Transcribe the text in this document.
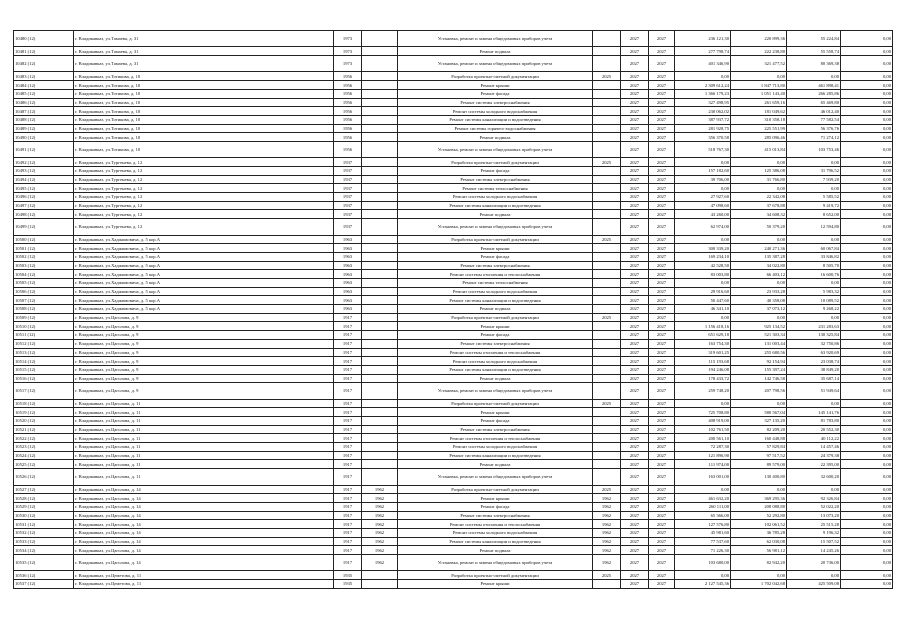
10480 (12)	г. Владикавказ, ул.Тамаева, д. 31	1973		Установка, ремонт и замена общедомовых приборов учета		2027	2027	236 121,30	220 899,36	55 224,84	0,00
10481 (12)	г. Владикавказ, ул.Тамаева, д. 31	1973		Ремонт подвала		2027	2027	277 798,74	222 238,80	55 558,74	0,00
10482 (12)	г. Владикавказ, ул.Тамаева, д. 31	1973		Установка, ремонт и замена общедомовых приборов учета		2027	2027	401 346,90	321 477,52	80 369,38	0,00
10483 (12)	г. Владикавказ, ул.Тотикова, д. 10	1956		Разработка проектно-сметной документации	2025	2027	2027	0,00	0,00	0,00	0,00
10484 (12)	г. Владикавказ, ул.Тотикова, д. 10	1956		Ремонт крыши		2027	2027	2 309 612,24	1 847 713,80	461 898,41	0,00
10485 (12)	г. Владикавказ, ул.Тотикова, д. 10	1956		Ремонт фасада		2027	2027	1 366 179,23	1 051 143,40	266 285,86	0,00
10486 (12)	г. Владикавказ, ул.Тотикова, д. 10	1956		Ремонт системы электроснабжения		2027	2027	327 498,95	261 659,16	65 469,80	0,00
10487 (12)	г. Владикавказ, ул.Тотикова, д. 10	1956		Ремонт системы холодного водоснабжения		2027	2027	230 062,02	181 049,62	46 012,40	0,00
10488 (12)	г. Владикавказ, ул.Тотикова, д. 10	1956		Ремонт системы канализации и водоотведения		2027	2027	387 937,72	310 358,18	77 582,54	0,00
10489 (12)	г. Владикавказ, ул.Тотикова, д. 10	1956		Ремонт системы горячего водоснабжения		2027	2027	281 928,75	225 551,99	56 376,76	0,00
10490 (12)	г. Владикавказ, ул.Тотикова, д. 10	1956		Ремонт подвала		2027	2027	356 370,58	285 096,46	71 274,12	0,00
10491 (12)	г. Владикавказ, ул.Тотикова, д. 10	1956		Установка, ремонт и замена общедомовых приборов учета		2027	2027	518 767,30	415 013,84	103 753,46	0,00
10492 (12)	г. Владикавказ, ул.Тургенева, д. 12	1937		Разработка проектно-сметной документации	2025	2027	2027	0,00	0,00	0,00	0,00
10493 (12)	г. Владикавказ, ул.Тургенева, д. 12	1937		Ремонт фасада		2027	2027	157 182,60	125 386,08	31 796,52	0,00
10494 (12)	г. Владикавказ, ул.Тургенева, д. 12	1937		Ремонт системы электроснабжения		2027	2027	39 706,00	31 766,80	7 939,20	0,00
10495 (12)	г. Владикавказ, ул.Тургенева, д. 12	1937		Ремонт системы теплоснабжения		2027	2027	0,00	0,00	0,00	0,00
10496 (12)	г. Владикавказ, ул.Тургенева, д. 12	1937		Ремонт системы холодного водоснабжения		2027	2027	27 927,60	22 342,08	5 585,52	0,00
10497 (12)	г. Владикавказ, ул.Тургенева, д. 12	1937		Ремонт системы канализации и водоотведения		2027	2027	47 098,60	37 678,88	9 419,72	0,00
10498 (12)	г. Владикавказ, ул.Тургенева, д. 12	1937		Ремонт подвала		2027	2027	43 260,00	34 608,32	8 652,00	0,00
10499 (12)	г. Владикавказ, ул.Тургенева, д. 12	1937		Установка, ремонт и замена общедомовых приборов учета		2027	2027	62 974,00	50 379,20	12 594,80	0,00
10500 (12)	г. Владикавказ, ул.Хаджимовича, д. 5 кор.А	1963		Разработка проектно-сметной документации	2025	2027	2027	0,00	0,00	0,00	0,00
10501 (12)	г. Владикавказ, ул.Хаджимовича, д. 5 кор.А	1963		Ремонт крыши		2027	2027	300 339,20	240 271,36	60 067,84	0,00
10502 (12)	г. Владикавказ, ул.Хаджимовича, д. 5 кор.А	1963		Ремонт фасада		2027	2027	169 234,10	135 387,28	33 846,82	0,00
10503 (12)	г. Владикавказ, ул.Хаджимовича, д. 5 кор.А	1963		Ремонт системы электроснабжения		2027	2027	42 528,50	34 022,80	8 505,70	0,00
10504 (12)	г. Владикавказ, ул.Хаджимовича, д. 5 кор.А	1963		Ремонт системы отопления и теплоснабжения		2027	2027	83 003,80	66 403,12	16 600,76	0,00
10505 (12)	г. Владикавказ, ул.Хаджимовича, д. 5 кор.А	1963		Ремонт системы теплоснабжения		2027	2027	0,00	0,00	0,00	0,00
10506 (12)	г. Владикавказ, ул.Хаджимовича, д. 5 кор.А	1963		Ремонт системы холодного водоснабжения		2027	2027	29 916,60	23 933,28	5 983,32	0,00
10507 (12)	г. Владикавказ, ул.Хаджимовича, д. 5 кор.А	1963		Ремонт системы канализации и водоотведения		2027	2027	50 447,60	40 358,08	10 089,52	0,00
10508 (12)	г. Владикавказ, ул.Хаджимовича, д. 5 кор.А	1963		Ремонт подвала		2027	2027	46 341,10	37 073,12	9 268,22	0,00
10509 (12)	г. Владикавказ, ул.Цаголова, д. 9	1917		Разработка проектно-сметной документации	2025	2027	2027	0,00	0,00	0,00	0,00
10510 (12)	г. Владикавказ, ул.Цаголова, д. 9	1917		Ремонт крыши		2027	2027	1 156 418,16	925 134,52	231 283,63	0,00
10511 (12)	г. Владикавказ, ул.Цаголова, д. 9	1917		Ремонт фасада		2027	2027	651 629,18	521 303,34	130 325,84	0,00
10512 (12)	г. Владикавказ, ул.Цаголова, д. 9	1917		Ремонт системы электроснабжения		2027	2027	163 754,30	131 003,44	32 750,86	0,00
10513 (12)	г. Владикавказ, ул.Цаголова, д. 9	1917		Ремонт системы отопления и теплоснабжения		2027	2027	319 601,25	255 680,56	63 920,69	0,00
10514 (12)	г. Владикавказ, ул.Цаголова, д. 9	1917		Ремонт системы холодного водоснабжения		2027	2027	115 193,68	92 154,94	23 038,74	0,00
10515 (12)	г. Владикавказ, ул.Цаголова, д. 9	1917		Ремонт системы канализации и водоотведения		2027	2027	194 246,08	155 397,24	38 849,20	0,00
10516 (12)	г. Владикавказ, ул.Цаголова, д. 9	1917		Ремонт подвала		2027	2027	178 433,72	142 746,58	35 687,14	0,00
10517 (12)	г. Владикавказ, ул.Цаголова, д. 9	1917		Установка, ремонт и замена общедомовых приборов учета		2027	2027	259 748,20	207 798,56	51 949,64	0,00
10518 (12)	г. Владикавказ, ул.Цаголова, д. 11	1917		Разработка проектно-сметной документации	2025	2027	2027	0,00	0,00	0,00	0,00
10519 (12)	г. Владикавказ, ул.Цаголова, д. 11	1917		Ремонт крыши		2027	2027	725 708,80	580 567,04	145 141,76	0,00
10520 (12)	г. Владикавказ, ул.Цаголова, д. 11	1917		Ремонт фасада		2027	2027	408 919,00	327 135,20	81 783,80	0,00
10521 (12)	г. Владикавказ, ул.Цаголова, д. 11	1917		Ремонт системы электроснабжения		2027	2027	102 761,50	82 209,20	20 552,30	0,00
10522 (12)	г. Владикавказ, ул.Цаголова, д. 11	1917		Ремонт системы отопления и теплоснабжения		2027	2027	200 561,10	160 448,88	40 112,22	0,00
10523 (12)	г. Владикавказ, ул.Цаголова, д. 11	1917		Ремонт системы холодного водоснабжения		2027	2027	72 287,30	57 829,84	14 457,46	0,00
10524 (12)	г. Владикавказ, ул.Цаголова, д. 11	1917		Ремонт системы канализации и водоотведения		2027	2027	121 896,90	97 517,52	24 379,38	0,00
10525 (12)	г. Владикавказ, ул.Цаголова, д. 11	1917		Ремонт подвала		2027	2027	111 974,00	89 579,00	22 395,00	0,00
10526 (12)	г. Владикавказ, ул.Цаголова, д. 11	1917		Установка, ремонт и замена общедомовых приборов учета		2027	2027	163 001,00	130 400,80	32 600,20	0,00
10527 (12)	г. Владикавказ, ул.Цаголова, д. 14	1917	1962	Разработка проектно-сметной документации	2025	2027	2027	0,00	0,00	0,00	0,00
10528 (12)	г. Владикавказ, ул.Цаголова, д. 14	1917	1962	Ремонт крыши	1962	2027	2027	461 632,20	369 295,36	92 326,84	0,00
10529 (12)	г. Владикавказ, ул.Цаголова, д. 14	1917	1962	Ремонт фасада	1962	2027	2027	260 111,00	208 088,80	52 022,20	0,00
10530 (12)	г. Владикавказ, ул.Цаголова, д. 14	1917	1962	Ремонт системы электроснабжения	1962	2027	2027	65 366,00	52 292,80	13 073,20	0,00
10531 (12)	г. Владикавказ, ул.Цаголова, д. 14	1917	1962	Ремонт системы отопления и теплоснабжения	1962	2027	2027	127 576,80	102 061,52	25 515,28	0,00
10532 (12)	г. Владикавказ, ул.Цаголова, д. 14	1917	1962	Ремонт системы холодного водоснабжения	1962	2027	2027	45 981,60	36 785,28	9 196,32	0,00
10533 (12)	г. Владикавказ, ул.Цаголова, д. 14	1917	1962	Ремонт системы канализации и водоотведения	1962	2027	2027	77 537,60	62 030,08	15 507,52	0,00
10534 (12)	г. Владикавказ, ул.Цаголова, д. 14	1917	1962	Ремонт подвала	1962	2027	2027	71 226,30	56 981,12	14 245,26	0,00
10535 (12)	г. Владикавказ, ул.Цаголова, д. 14	1917	1962	Установка, ремонт и замена общедомовых приборов учета	1962	2027	2027	103 680,00	82 942,20	20 736,00	0,00
10536 (12)	г. Владикавказ, ул.Цеметова, д. 11	1935		Разработка проектно-сметной документации	2025	2027	2027	0,00	0,00	0,00	0,00
10537 (12)	г. Владикавказ, ул.Цеметова, д. 11	1935		Ремонт крыши		2027	2027	2 127 545,36	1 702 042,68	425 509,08	0,00
